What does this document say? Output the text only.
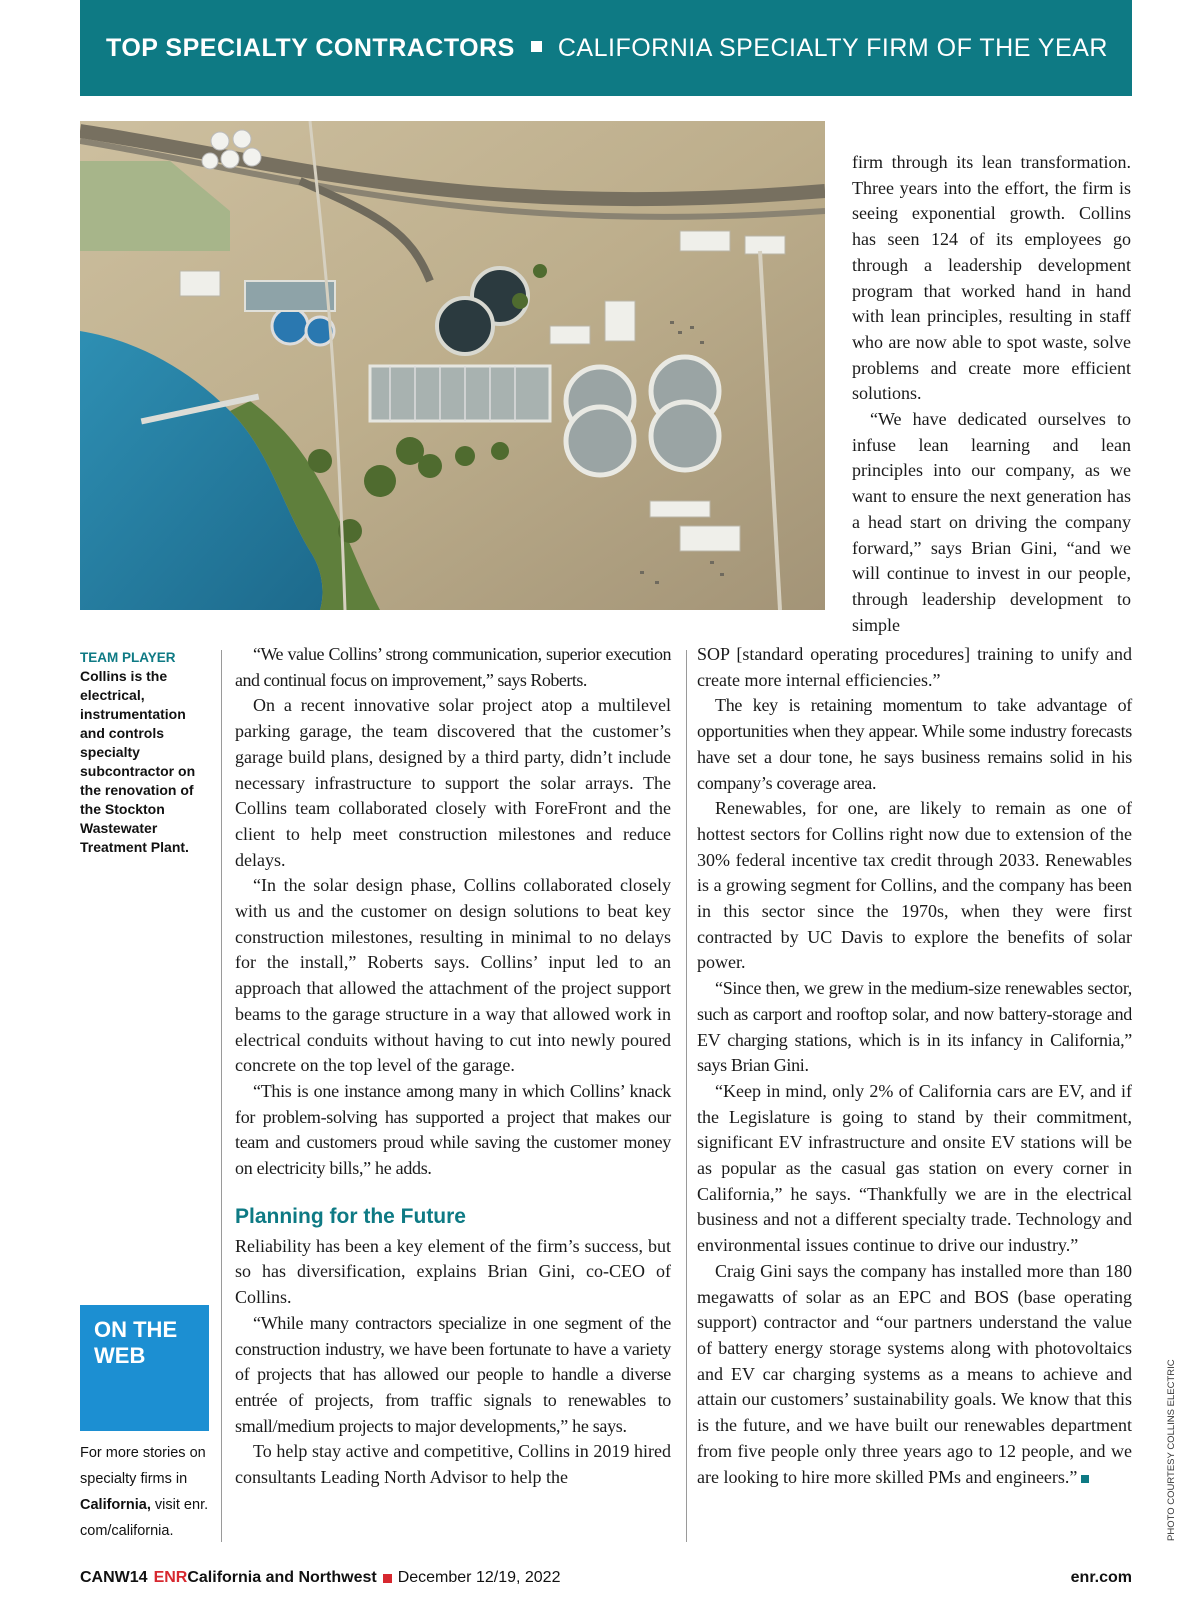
TOP SPECIALTY CONTRACTORS CALIFORNIA SPECIALTY FIRM OF THE YEAR
TEAM PLAYER
Collins is the electrical, instrumentation and controls specialty subcontractor on the renovation of the Stockton Wastewater Treatment Plant.
ON THE WEB
For more stories on specialty firms in California, visit enr. com/california.

firm through its lean transformation. Three years into the effort, the firm is seeing exponential growth. Collins has seen 124 of its employees go through a leadership development program that worked hand in hand with lean principles, resulting in staff who are now able to spot waste, solve problems and create more efficient solutions.

“We have dedicated ourselves to infuse lean learning and lean principles into our company, as we want to ensure the next generation has a head start on driving the company forward,” says Brian Gini, “and we will continue to invest in our people, through leadership development to simple

“We value Collins’ strong communication, superior execution and continual focus on improvement,” says Roberts.

On a recent innovative solar project atop a multilevel parking garage, the team discovered that the customer’s garage build plans, designed by a third party, didn’t include necessary infrastructure to support the solar arrays. The Collins team collaborated closely with ForeFront and the client to help meet construction milestones and reduce delays.

“In the solar design phase, Collins collaborated closely with us and the customer on design solutions to beat key construction milestones, resulting in minimal to no delays for the install,” Roberts says. Collins’ input led to an approach that allowed the attachment of the project support beams to the garage structure in a way that allowed work in electrical conduits without having to cut into newly poured concrete on the top level of the garage.

“This is one instance among many in which Collins’ knack for problem-solving has supported a project that makes our team and customers proud while saving the customer money on electricity bills,” he adds.

Planning for the Future

Reliability has been a key element of the firm’s success, but so has diversification, explains Brian Gini, co-CEO of Collins.

“While many contractors specialize in one segment of the construction industry, we have been fortunate to have a variety of projects that has allowed our people to handle a diverse entrée of projects, from traffic signals to renewables to small/medium projects to major developments,” he says.

To help stay active and competitive, Collins in 2019 hired consultants Leading North Advisor to help the

SOP [standard operating procedures] training to unify and create more internal efficiencies.”

The key is retaining momentum to take advantage of opportunities when they appear. While some industry forecasts have set a dour tone, he says business remains solid in his company’s coverage area.

Renewables, for one, are likely to remain as one of hottest sectors for Collins right now due to extension of the 30% federal incentive tax credit through 2033. Renewables is a growing segment for Collins, and the company has been in this sector since the 1970s, when they were first contracted by UC Davis to explore the benefits of solar power.

“Since then, we grew in the medium-size renewables sector, such as carport and rooftop solar, and now battery-storage and EV charging stations, which is in its infancy in California,” says Brian Gini.

“Keep in mind, only 2% of California cars are EV, and if the Legislature is going to stand by their commitment, significant EV infrastructure and onsite EV stations will be as popular as the casual gas station on every corner in California,” he says. “Thankfully we are in the electrical business and not a different specialty trade. Technology and environmental issues continue to drive our industry.”

Craig Gini says the company has installed more than 180 megawatts of solar as an EPC and BOS (base operating support) contractor and “our partners understand the value of battery energy storage systems along with photovoltaics and EV car charging systems as a means to achieve and attain our customers’ sustainability goals. We know that this is the future, and we have built our renewables department from five people only three years ago to 12 people, and we are looking to hire more skilled PMs and engineers.”	PHOTO COURTESY COLLINS ELECTRIC
CANW14 ENR California and Northwest December 12/19, 2022	enr.com
